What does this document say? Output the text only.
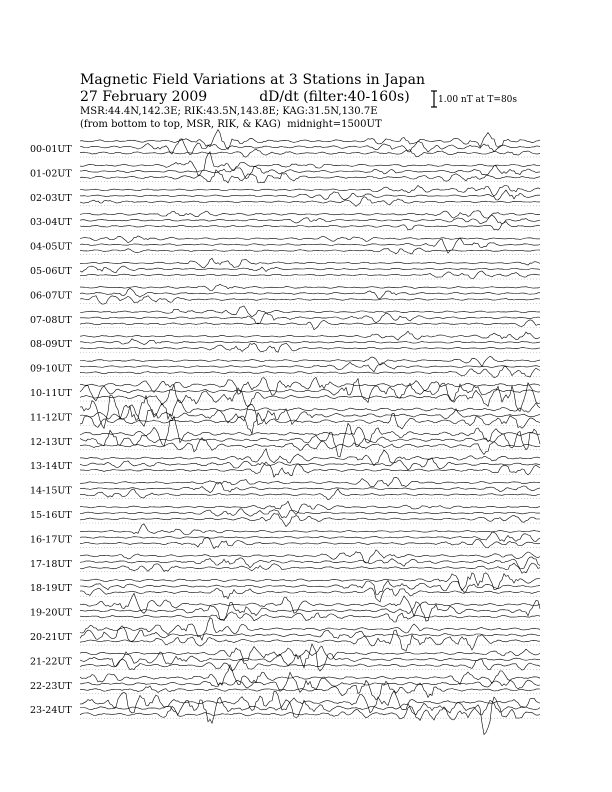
Magnetic Field Variations at 3 Stations in Japan
27 February 2009	dD/dt (filter:40-160s)
MSR:44.4N,142.3E; RIK:43.5N,143.8E; KAG:31.5N,130.7E
(from bottom to top, MSR, RIK, & KAG) midnight=1500UT
1.00 nT at T=80s
00-01UT
01-02UT
02-03UT
03-04UT
04-05UT
05-06UT
06-07UT
07-08UT
08-09UT
09-10UT
10-11UT
11-12UT
12-13UT
13-14UT
14-15UT
15-16UT
16-17UT
17-18UT
18-19UT
19-20UT
20-21UT
21-22UT
22-23UT
23-24UT
